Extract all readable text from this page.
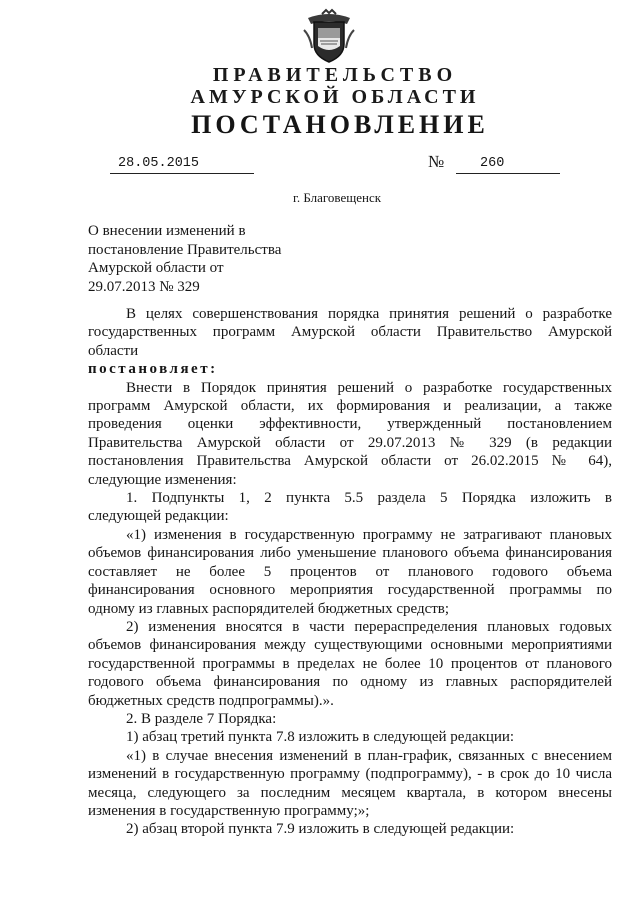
ПРАВИТЕЛЬСТВО
АМУРСКОЙ ОБЛАСТИ
ПОСТАНОВЛЕНИЕ
28.05.2015	№	260
г. Благовещенск
О внесении изменений в
постановление Правительства
Амурской области от
29.07.2013 № 329
В целях совершенствования порядка принятия решений о разработке
государственных программ Амурской области Правительство Амурской
области
постановляет:
Внести в Порядок принятия решений о разработке государственных
программ Амурской области, их формирования и реализации, а также
проведения оценки эффективности, утвержденный постановлением
Правительства Амурской области от 29.07.2013 № 329 (в редакции
постановления Правительства Амурской области от 26.02.2015 № 64),
следующие изменения:
1. Подпункты 1, 2 пункта 5.5 раздела 5 Порядка изложить в
следующей редакции:
«1) изменения в государственную программу не затрагивают плановых
объемов финансирования либо уменьшение планового объема финансирования
составляет не более 5 процентов от планового годового объема
финансирования основного мероприятия государственной программы по
одному из главных распорядителей бюджетных средств;
2) изменения вносятся в части перераспределения плановых годовых
объемов финансирования между существующими основными мероприятиями
государственной программы в пределах не более 10 процентов от планового
годового объема финансирования по одному из главных распорядителей
бюджетных средств подпрограммы).».
2. В разделе 7 Порядка:
1) абзац третий пункта 7.8 изложить в следующей редакции:
«1) в случае внесения изменений в план-график, связанных с внесением
изменений в государственную программу (подпрограмму), - в срок до 10 числа
месяца, следующего за последним месяцем квартала, в котором внесены
изменения в государственную программу;»;
2) абзац второй пункта 7.9 изложить в следующей редакции:
